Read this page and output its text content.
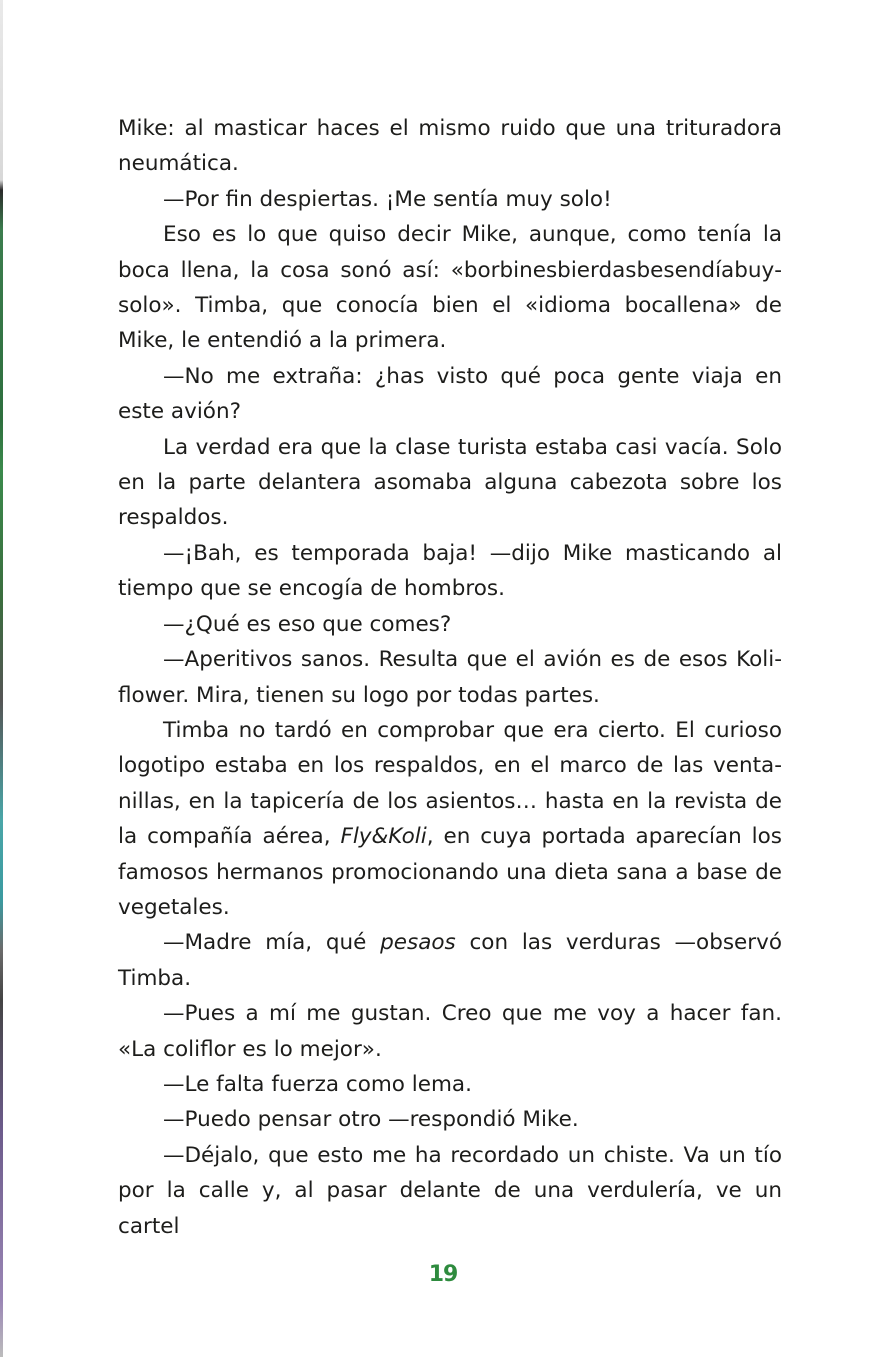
Mike: al masticar haces el mismo ruido que una trituradora neumática.

—Por fin despiertas. ¡Me sentía muy solo!

Eso es lo que quiso decir Mike, aunque, como tenía la boca llena, la cosa sonó así: «borbinesbierdasbesendíabuysolo». Timba, que conocía bien el «idioma bocallena» de Mike, le entendió a la primera.

—No me extraña: ¿has visto qué poca gente viaja en este avión?

La verdad era que la clase turista estaba casi vacía. Solo en la parte delantera asomaba alguna cabezota sobre los respaldos.

—¡Bah, es temporada baja! —dijo Mike masticando al tiempo que se encogía de hombros.

—¿Qué es eso que comes?

—Aperitivos sanos. Resulta que el avión es de esos Koliflower. Mira, tienen su logo por todas partes.

Timba no tardó en comprobar que era cierto. El curioso logotipo estaba en los respaldos, en el marco de las ventanillas, en la tapicería de los asientos… hasta en la revista de la compañía aérea, Fly&Koli, en cuya portada aparecían los famosos hermanos promocionando una dieta sana a base de vegetales.

—Madre mía, qué pesaos con las verduras —observó Timba.

—Pues a mí me gustan. Creo que me voy a hacer fan. «La coliflor es lo mejor».

—Le falta fuerza como lema.

—Puedo pensar otro —respondió Mike.

—Déjalo, que esto me ha recordado un chiste. Va un tío por la calle y, al pasar delante de una verdulería, ve un cartel

19
